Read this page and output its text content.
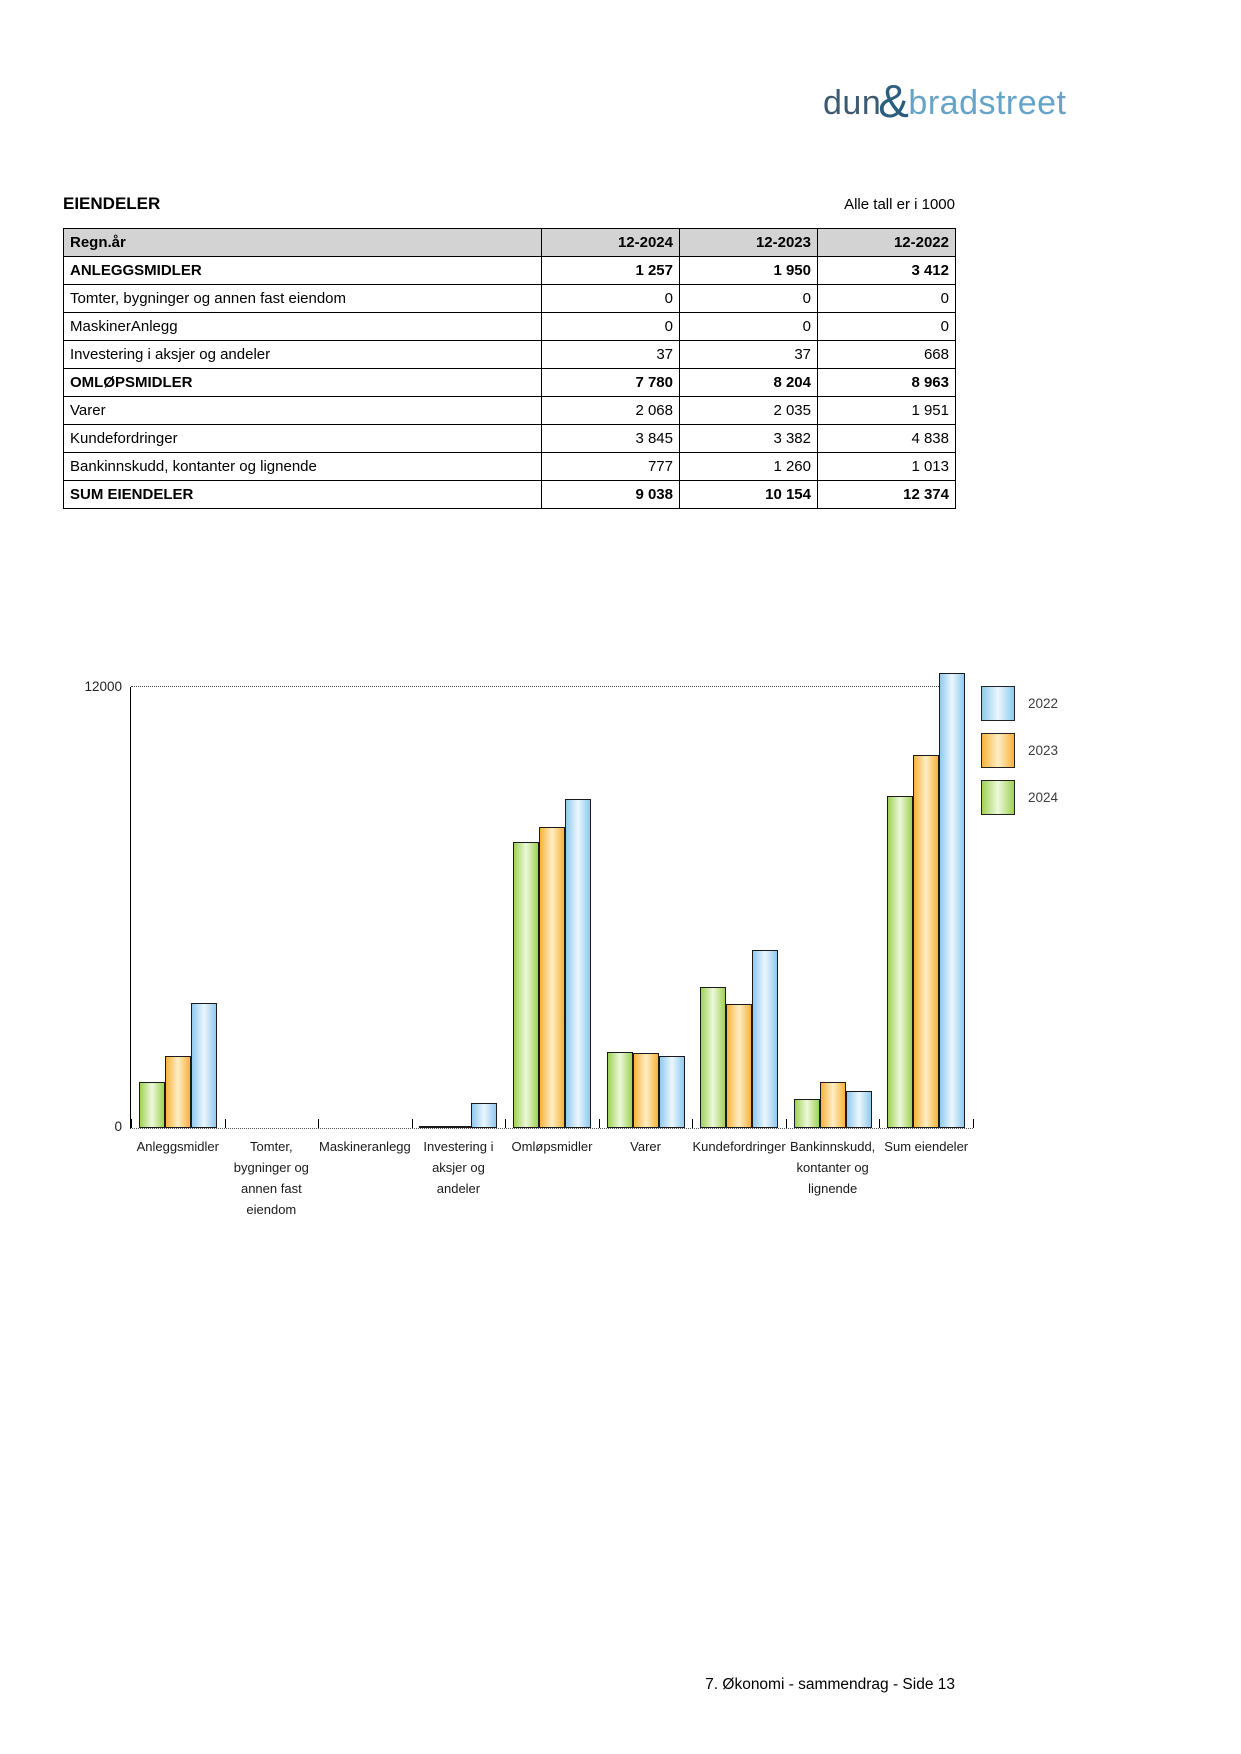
dun
& bradstreet
EIENDELER	Alle tall er i 1000
Regn.år	12-2024	12-2023	12-2022
ANLEGGSMIDLER	1 257	1 950	3 412
Tomter, bygninger og annen fast eiendom	0	0	0
MaskinerAnlegg	0	0	0
Investering i aksjer og andeler	37	37	668
OMLØPSMIDLER	7 780	8 204	8 963
Varer	2 068	2 035	1 951
Kundefordringer	3 845	3 382	4 838
Bankinnskudd, kontanter og lignende	777	1 260	1 013
SUM EIENDELER	9 038	10 154	12 374
12000
0
Anleggsmidler	Tomter,
bygninger og
annen fast
eiendom
Maskineranlegg Investering i
aksjer og
andeler
Omløpsmidler	Varer Kundefordringer Bankinnskudd,
kontanter og
lignende
Sum eiendeler
2022
2023
2024
7. Økonomi - sammendrag - Side 13
